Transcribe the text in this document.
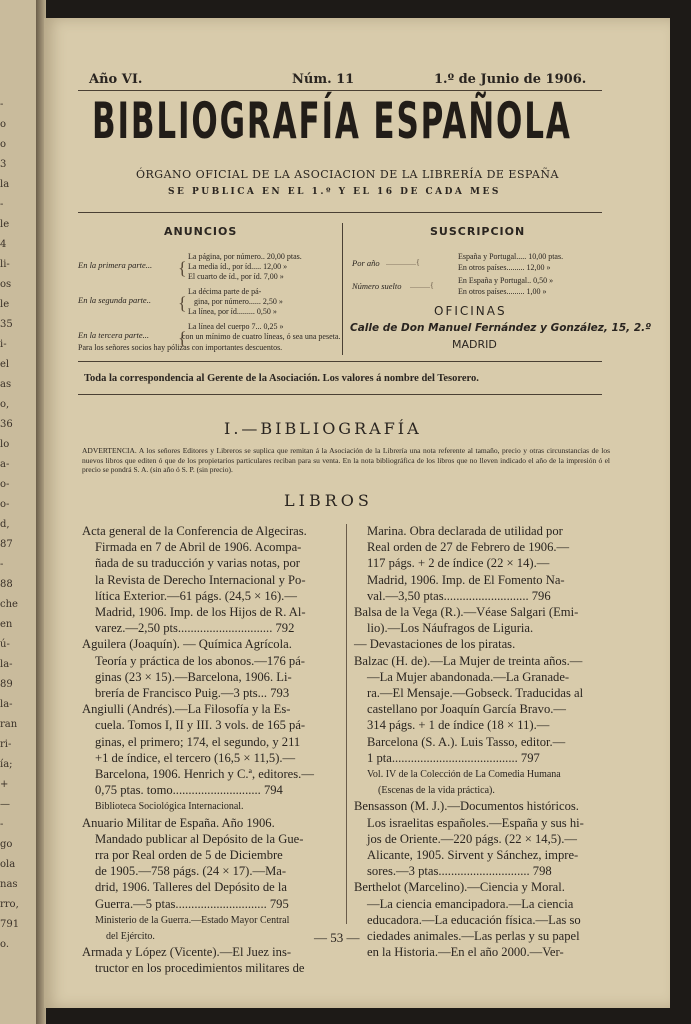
-
o
o
3
la
-
le
4
li-
os
le
35
i-
el
as
o,
36
lo
a-
o-
o-
d,
87
-
88
che
en
ú-
la-
89
la-
ran
ri-
ía;
+
—
-
go
ola
nas
rro,
791
o.
Año VI.	Núm. 11	1.º de Junio de 1906.
BIBLIOGRAFÍA ESPAÑOLA
ÓRGANO OFICIAL DE LA ASOCIACION DE LA LIBRERÍA DE ESPAÑA
SE PUBLICA EN EL 1.º Y EL 16 DE CADA MES
ANUNCIOS
En la primera parte... {
La página, por número.. 20,00 ptas.
La media íd., por íd..... 12,00 »
El cuarto de íd., por íd. 7,00 »
En la segunda parte.. {
La décima parte de pá-
gina, por número...... 2,50 »
La línea, por íd......... 0,50 »
En la tercera parte... {
La línea del cuerpo 7... 0,25 »
con un mínimo de cuatro líneas, ó sea una peseta.
Para los señores socios hay pólizas con importantes descuentos.
SUSCRIPCION
Por año ...............{
España y Portugal..... 10,00 ptas.
En otros países......... 12,00 »
Número suelto ..........{
En España y Portugal.. 0,50 »
En otros países......... 1,00 »
OFICINAS
Calle de Don Manuel Fernández y González, 15, 2.º
MADRID
Toda la correspondencia al Gerente de la Asociación. Los valores á nombre del Tesorero.
I.—BIBLIOGRAFÍA
ADVERTENCIA. A los señores Editores y Libreros se suplica que remitan á la Asociación de la Librería una nota referente al tamaño, precio y otras circunstancias de los nuevos libros que editen ó que de los propietarios particulares reciban para su venta. En la nota bibliográfica de los libros que no lleven indicado el año de la impresión ó el precio se pondrá S. A. (sin año ó S. P. (sin precio).
LIBROS
Acta general de la Conferencia de Algeciras.
Firmada en 7 de Abril de 1906. Acompa-
ñada de su traducción y varias notas, por
la Revista de Derecho Internacional y Po-
lítica Exterior.—61 págs. (24,5 × 16).—
Madrid, 1906. Imp. de los Hijos de R. Al-
varez.—2,50 pts.............................. 792
Aguilera (Joaquín). — Química Agrícola.
Teoría y práctica de los abonos.—176 pá-
ginas (23 × 15).—Barcelona, 1906. Li-
brería de Francisco Puig.—3 pts... 793
Angiulli (Andrés).—La Filosofía y la Es-
cuela. Tomos I, II y III. 3 vols. de 165 pá-
ginas, el primero; 174, el segundo, y 211
+1 de índice, el tercero (16,5 × 11,5).—
Barcelona, 1906. Henrich y C.ª, editores.—
0,75 ptas. tomo............................ 794
Biblioteca Sociológica Internacional.
Anuario Militar de España. Año 1906.
Mandado publicar al Depósito de la Gue-
rra por Real orden de 5 de Diciembre
de 1905.—758 págs. (24 × 17).—Ma-
drid, 1906. Talleres del Depósito de la
Guerra.—5 ptas............................. 795
Ministerio de la Guerra.—Estado Mayor Central
del Ejército.
Armada y López (Vicente).—El Juez ins-
tructor en los procedimientos militares de
Marina. Obra declarada de utilidad por
Real orden de 27 de Febrero de 1906.—
117 págs. + 2 de índice (22 × 14).—
Madrid, 1906. Imp. de El Fomento Na-
val.—3,50 ptas........................... 796
Balsa de la Vega (R.).—Véase Salgari (Emi-
lio).—Los Náufragos de Liguria.
— Devastaciones de los piratas.
Balzac (H. de).—La Mujer de treinta años.—
—La Mujer abandonada.—La Granade-
ra.—El Mensaje.—Gobseck. Traducidas al
castellano por Joaquín García Bravo.—
314 págs. + 1 de índice (18 × 11).—
Barcelona (S. A.). Luis Tasso, editor.—
1 pta........................................ 797
Vol. IV de la Colección de La Comedia Humana
(Escenas de la vida práctica).
Bensasson (M. J.).—Documentos históricos.
Los israelitas españoles.—España y sus hi-
jos de Oriente.—220 págs. (22 × 14,5).—
Alicante, 1905. Sirvent y Sánchez, impre-
sores.—3 ptas............................. 798
Berthelot (Marcelino).—Ciencia y Moral.
—La ciencia emancipadora.—La ciencia
educadora.—La educación física.—Las so
ciedades animales.—Las perlas y su papel
en la Historia.—En el año 2000.—Ver-
— 53 —
